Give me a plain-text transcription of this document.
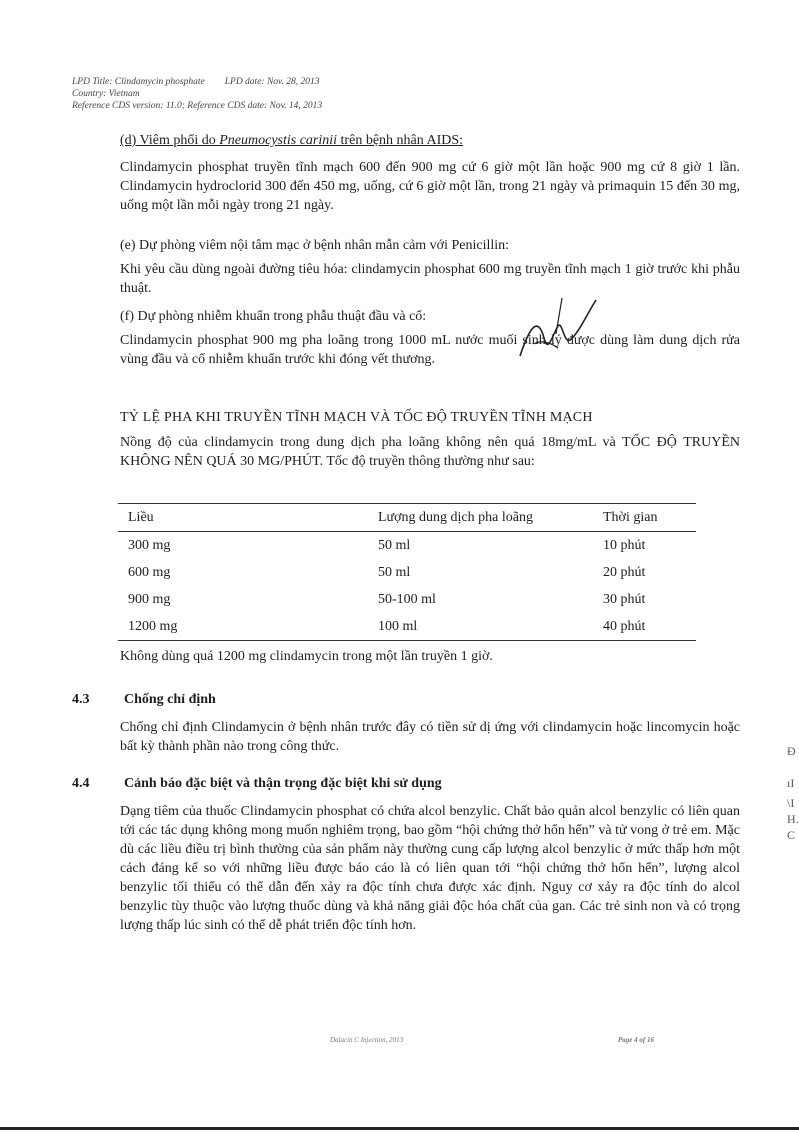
LPD Title: Clindamycin phosphate LPD date: Nov. 28, 2013
Country: Vietnam
Reference CDS version: 11.0; Reference CDS date: Nov. 14, 2013

(d) Viêm phổi do Pneumocystis carinii trên bệnh nhân AIDS:

Clindamycin phosphat truyền tĩnh mạch 600 đến 900 mg cứ 6 giờ một lần hoặc 900 mg cứ 8 giờ 1 lần. Clindamycin hydroclorid 300 đến 450 mg, uống, cứ 6 giờ một lần, trong 21 ngày và primaquin 15 đến 30 mg, uống một lần mỗi ngày trong 21 ngày.

(e) Dự phòng viêm nội tâm mạc ở bệnh nhân mẫn cảm với Penicillin:

Khi yêu cầu dùng ngoài đường tiêu hóa: clindamycin phosphat 600 mg truyền tĩnh mạch 1 giờ trước khi phẫu thuật.

(f) Dự phòng nhiễm khuẩn trong phẫu thuật đầu và cổ:

Clindamycin phosphat 900 mg pha loãng trong 1000 mL nước muối sinh lý được dùng làm dung dịch rửa vùng đầu và cổ nhiễm khuẩn trước khi đóng vết thương.

TỶ LỆ PHA KHI TRUYỀN TĨNH MẠCH VÀ TỐC ĐỘ TRUYỀN TĨNH MẠCH

Nồng độ của clindamycin trong dung dịch pha loãng không nên quá 18mg/mL và TỐC ĐỘ TRUYỀN KHÔNG NÊN QUÁ 30 MG/PHÚT. Tốc độ truyền thông thường như sau:

Liều	Lượng dung dịch pha loãng	Thời gian
300 mg	50 ml	10 phút
600 mg	50 ml	20 phút
900 mg	50-100 ml	30 phút
1200 mg	100 ml	40 phút

Không dùng quá 1200 mg clindamycin trong một lần truyền 1 giờ.

4.3 Chống chỉ định

Chống chỉ định Clindamycin ở bệnh nhân trước đây có tiền sử dị ứng với clindamycin hoặc lincomycin hoặc bất kỳ thành phần nào trong công thức.

4.4 Cảnh báo đặc biệt và thận trọng đặc biệt khi sử dụng

Dạng tiêm của thuốc Clindamycin phosphat có chứa alcol benzylic. Chất bảo quản alcol benzylic có liên quan tới các tác dụng không mong muốn nghiêm trọng, bao gồm “hội chứng thở hổn hển” và tử vong ở trẻ em. Mặc dù các liều điều trị bình thường của sản phẩm này thường cung cấp lượng alcol benzylic ở mức thấp hơn một cách đáng kể so với những liều được báo cáo là có liên quan tới “hội chứng thở hổn hển”, lượng alcol benzylic tối thiểu có thể dẫn đến xảy ra độc tính chưa được xác định. Nguy cơ xảy ra độc tính do alcol benzylic tùy thuộc vào lượng thuốc dùng và khả năng giải độc hóa chất của gan. Các trẻ sinh non và có trọng lượng thấp lúc sinh có thể dễ phát triển độc tính hơn.

Dalacin C Injection, 2013	Page 4 of 16
Ð
ıI
\I
H.
C
